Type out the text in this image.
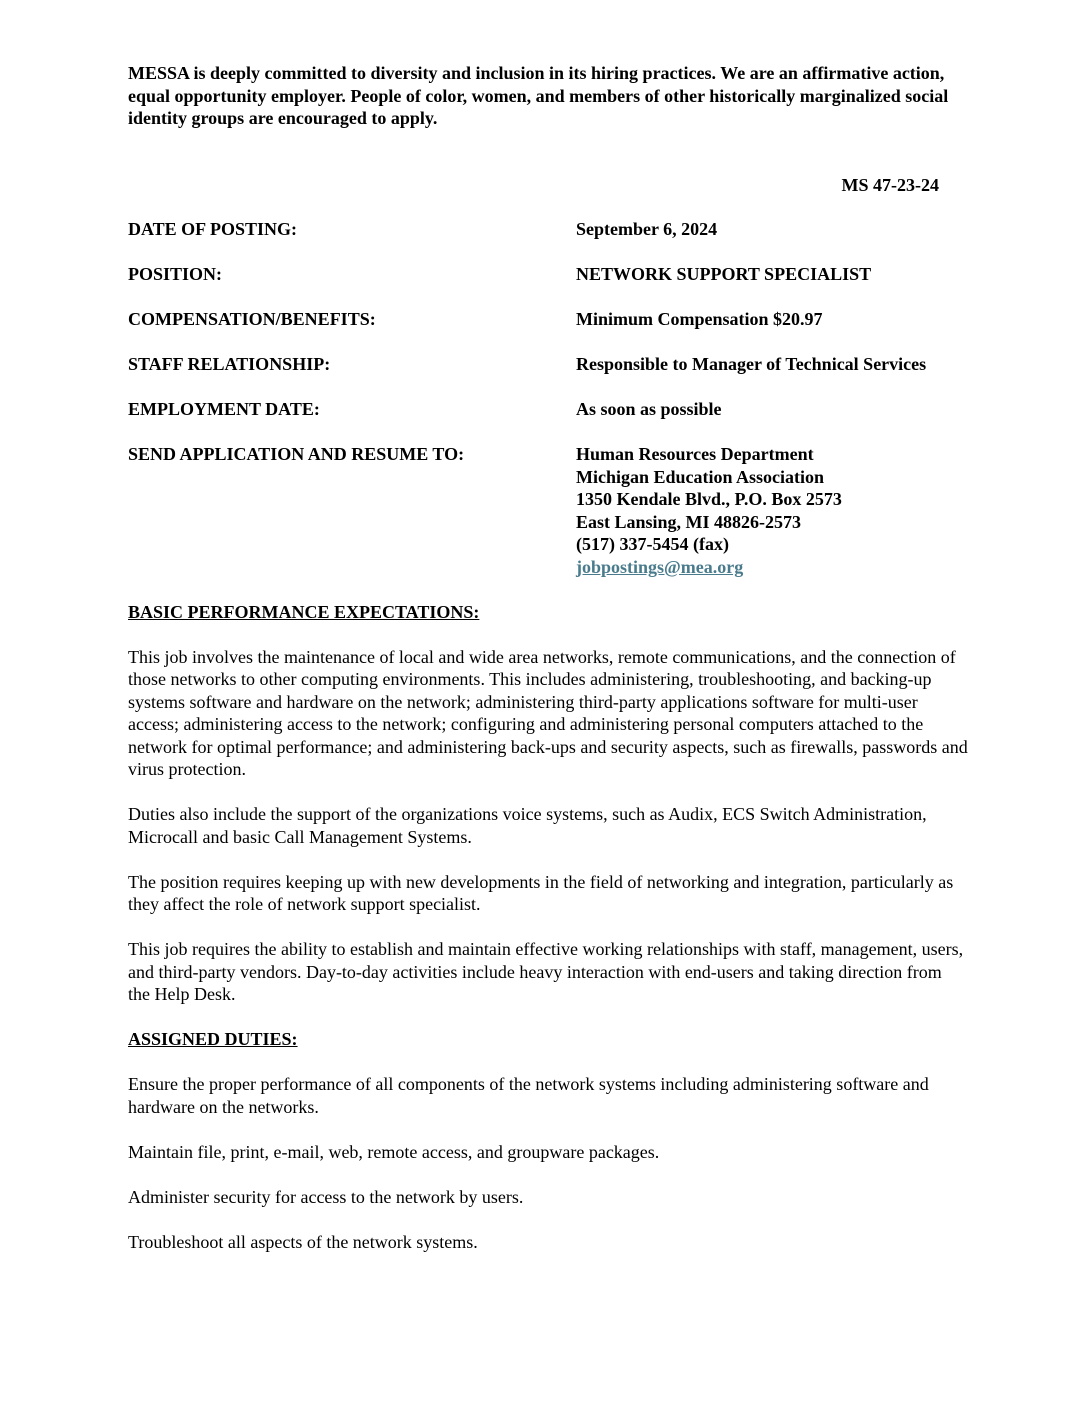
MESSA is deeply committed to diversity and inclusion in its hiring practices. We are an affirmative action, equal opportunity employer. People of color, women, and members of other historically marginalized social identity groups are encouraged to apply.

MS 47-23-24
DATE OF POSTING:	September 6, 2024
POSITION:	NETWORK SUPPORT SPECIALIST
COMPENSATION/BENEFITS:	Minimum Compensation $20.97
STAFF RELATIONSHIP:	Responsible to Manager of Technical Services
EMPLOYMENT DATE:	As soon as possible
SEND APPLICATION AND RESUME TO:	Human Resources Department
Michigan Education Association
1350 Kendale Blvd., P.O. Box 2573
East Lansing, MI 48826-2573
(517) 337-5454 (fax)
jobpostings@mea.org

BASIC PERFORMANCE EXPECTATIONS:

This job involves the maintenance of local and wide area networks, remote communications, and the connection of those networks to other computing environments. This includes administering, troubleshooting, and backing-up systems software and hardware on the network; administering third-party applications software for multi-user access; administering access to the network; configuring and administering personal computers attached to the network for optimal performance; and administering back-ups and security aspects, such as firewalls, passwords and virus protection.

Duties also include the support of the organizations voice systems, such as Audix, ECS Switch Administration, Microcall and basic Call Management Systems.

The position requires keeping up with new developments in the field of networking and integration, particularly as they affect the role of network support specialist.

This job requires the ability to establish and maintain effective working relationships with staff, management, users, and third-party vendors. Day-to-day activities include heavy interaction with end-users and taking direction from the Help Desk.

ASSIGNED DUTIES:

Ensure the proper performance of all components of the network systems including administering software and hardware on the networks.

Maintain file, print, e-mail, web, remote access, and groupware packages.

Administer security for access to the network by users.

Troubleshoot all aspects of the network systems.
